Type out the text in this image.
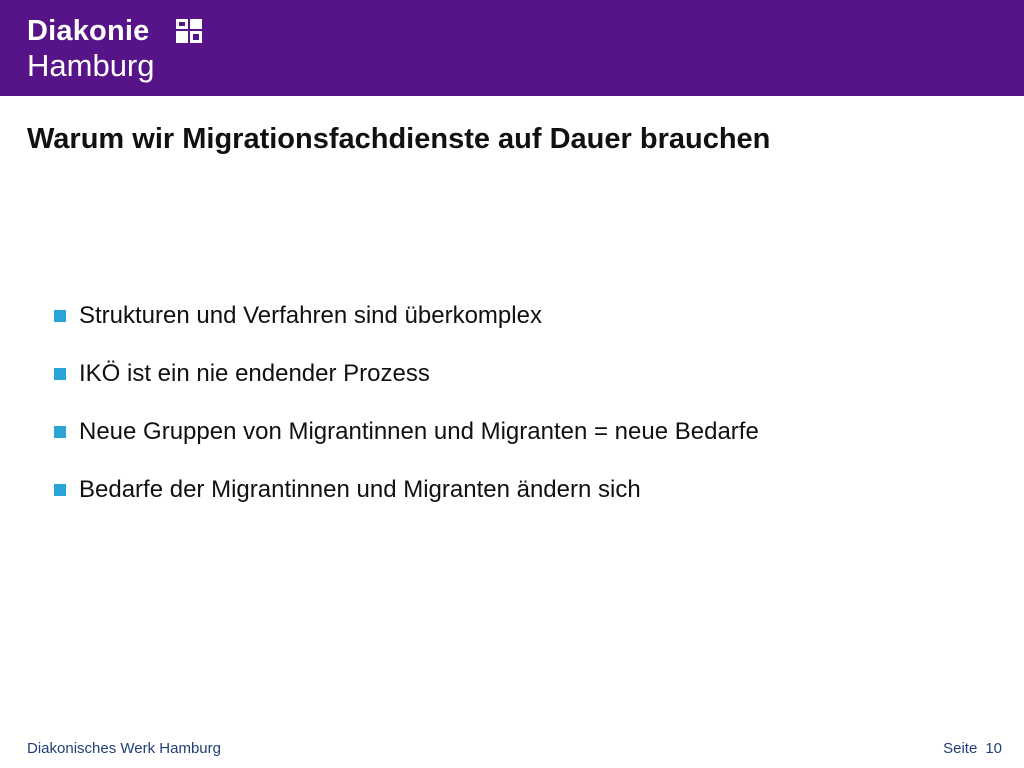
Diakonie
Hamburg
Warum wir Migrationsfachdienste auf Dauer brauchen
Strukturen und Verfahren sind überkomplex
IKÖ ist ein nie endender Prozess
Neue Gruppen von Migrantinnen und Migranten = neue Bedarfe
Bedarfe der Migrantinnen und Migranten ändern sich
Diakonisches Werk Hamburg	Seite 10
